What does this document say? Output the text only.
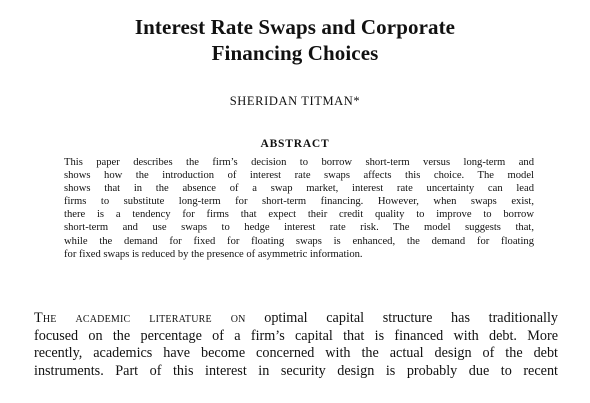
Interest Rate Swaps and Corporate
Financing Choices
SHERIDAN TITMAN*
ABSTRACT
This paper describes the firm’s decision to borrow short-term versus long-term and
shows how the introduction of interest rate swaps affects this choice. The model
shows that in the absence of a swap market, interest rate uncertainty can lead
firms to substitute long-term for short-term financing. However, when swaps exist,
there is a tendency for firms that expect their credit quality to improve to borrow
short-term and use swaps to hedge interest rate risk. The model suggests that,
while the demand for fixed for floating swaps is enhanced, the demand for floating
for fixed swaps is reduced by the presence of asymmetric information.
The academic literature on optimal capital structure has traditionally
focused on the percentage of a firm’s capital that is financed with debt. More
recently, academics have become concerned with the actual design of the debt
instruments. Part of this interest in security design is probably due to recent
